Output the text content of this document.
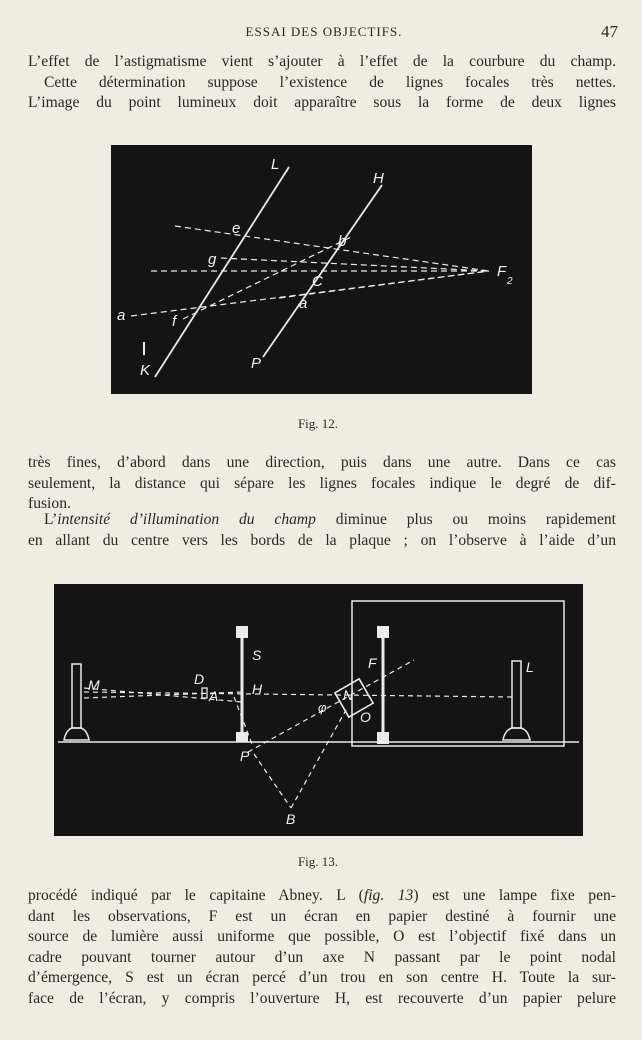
ESSAI DES OBJECTIFS.	47

L’effet de l’astigmatisme vient s’ajouter à l’effet de la courbure du champ.
Cette détermination suppose l’existence de lignes focales très nettes.
L’image du point lumineux doit apparaître sous la forme de deux lignes

L
H
e
b
g
C
F
2
a
a
f
K	P
Fig. 12.

très fines, d’abord dans une direction, puis dans une autre. Dans ce cas
seulement, la distance qui sépare les lignes focales indique le degré de dif-
fusion.

L’intensité d’illumination du champ diminue plus ou moins rapidement
en allant du centre vers les bords de la plaque ; on l’observe à l’aide d’un

M	D
A
S
H
F
N
φ
O
L
P
B
Fig. 13.

procédé indiqué par le capitaine Abney. L (fig. 13) est une lampe fixe pen-
dant les observations, F est un écran en papier destiné à fournir une
source de lumière aussi uniforme que possible, O est l’objectif fixé dans un
cadre pouvant tourner autour d’un axe N passant par le point nodal
d’émergence, S est un écran percé d’un trou en son centre H. Toute la sur-
face de l’écran, y compris l’ouverture H, est recouverte d’un papier pelure
